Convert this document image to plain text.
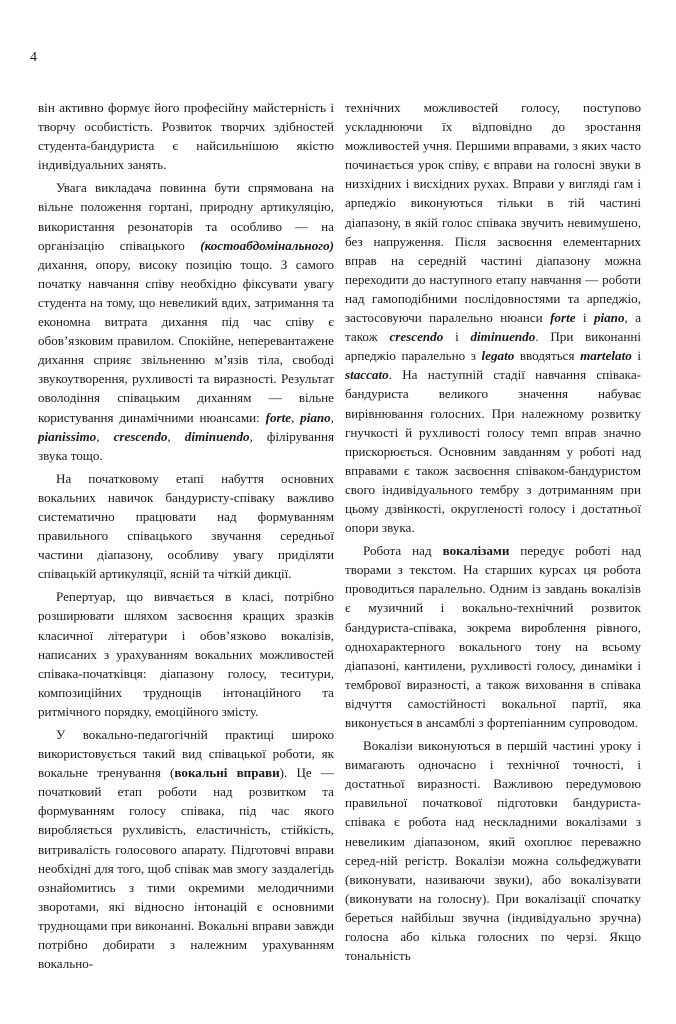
4

він активно формує його професійну майстерність і творчу особистість. Розвиток творчих здібностей студента-бандуриста є найсильнішою якістю індивідуальних занять.

Увага викладача повинна бути спрямована на вільне положення гортані, природну артикуляцію, використання резонаторів та особливо — на організацію співацького (костоабдомінального) дихання, опору, високу позицію тощо. З самого початку навчання співу необхідно фіксувати увагу студента на тому, що невеликий вдих, затримання та економна витрата дихання під час співу є обов’язковим правилом. Спокійне, неперевантажене дихання сприяє звільненню м’язів тіла, свободі звукоутворення, рухливості та виразності. Результат оволодіння співацьким диханням — вільне користування динамічними нюансами: forte, piano, pianissimo, crescendo, diminuendo, філірування звука тощо.

На початковому етапі набуття основних вокальних навичок бандуристу-співаку важливо систематично працювати над формуванням правильного співацького звучання середньої частини діапазону, особливу увагу приділяти співацькій артикуляції, ясній та чіткій дикції.

Репертуар, що вивчається в класі, потрібно розширювати шляхом засвоєння кращих зразків класичної літератури і обов’язково вокалізів, написаних з урахуванням вокальних можливостей співака-початківця: діапазону голосу, теситури, композиційних труднощів інтонаційного та ритмічного порядку, емоційного змісту.

У вокально-педагогічній практиці широко використовується такий вид співацької роботи, як вокальне тренування (вокальні вправи). Це — початковий етап роботи над розвитком та формуванням голосу співака, під час якого виробляється рухливість, еластичність, стійкість, витривалість голосового апарату. Підготовчі вправи необхідні для того, щоб співак мав змогу заздалегідь ознайомитись з тими окремими мелодичними зворотами, які відносно інтонацій є основними труднощами при виконанні. Вокальні вправи завжди потрібно добирати з належним урахуванням вокально-

технічних можливостей голосу, поступово ускладнюючи їх відповідно до зростання можливостей учня. Першими вправами, з яких часто починається урок співу, є вправи на голосні звуки в низхідних і висхідних рухах. Вправи у вигляді гам і арпеджіо виконуються тільки в тій частині діапазону, в якій голос співака звучить невимушено, без напруження. Після засвоєння елементарних вправ на середній частині діапазону можна переходити до наступного етапу навчання — роботи над гамоподібними послідовностями та арпеджіо, застосовуючи паралельно нюанси forte і piano, а також crescendo і diminuendo. При виконанні арпеджіо паралельно з legato вводяться martelato і staccato. На наступній стадії навчання співака-бандуриста великого значення набуває вирівнювання голосних. При належному розвитку гнучкості й рухливості голосу темп вправ значно прискорюється. Основним завданням у роботі над вправами є також засвоєння співаком-бандуристом свого індивідуального тембру з дотриманням при цьому дзвінкості, округленості голосу і достатньої опори звука.

Робота над вокалізами передує роботі над творами з текстом. На старших курсах ця робота проводиться паралельно. Одним із завдань вокалізів є музичний і вокально-технічний розвиток бандуриста-співака, зокрема вироблення рівного, однохарактерного вокального тону на всьому діапазоні, кантилени, рухливості голосу, динаміки і тембрової виразності, а також виховання в співака відчуття самостійності вокальної партії, яка виконується в ансамблі з фортепіанним супроводом.

Вокалізи виконуються в першій частині уроку і вимагають одночасно і технічної точності, і достатньої виразності. Важливою передумовою правильної початкової підготовки бандуриста-співака є робота над нескладними вокалізами з невеликим діапазоном, який охоплює переважно серед-ній регістр. Вокалізи можна сольфеджувати (виконувати, називаючи звуки), або вокалізувати (виконувати на голосну). При вокалізації спочатку береться найбільш звучна (індивідуально зручна) голосна або кілька голосних по черзі. Якщо тональність
